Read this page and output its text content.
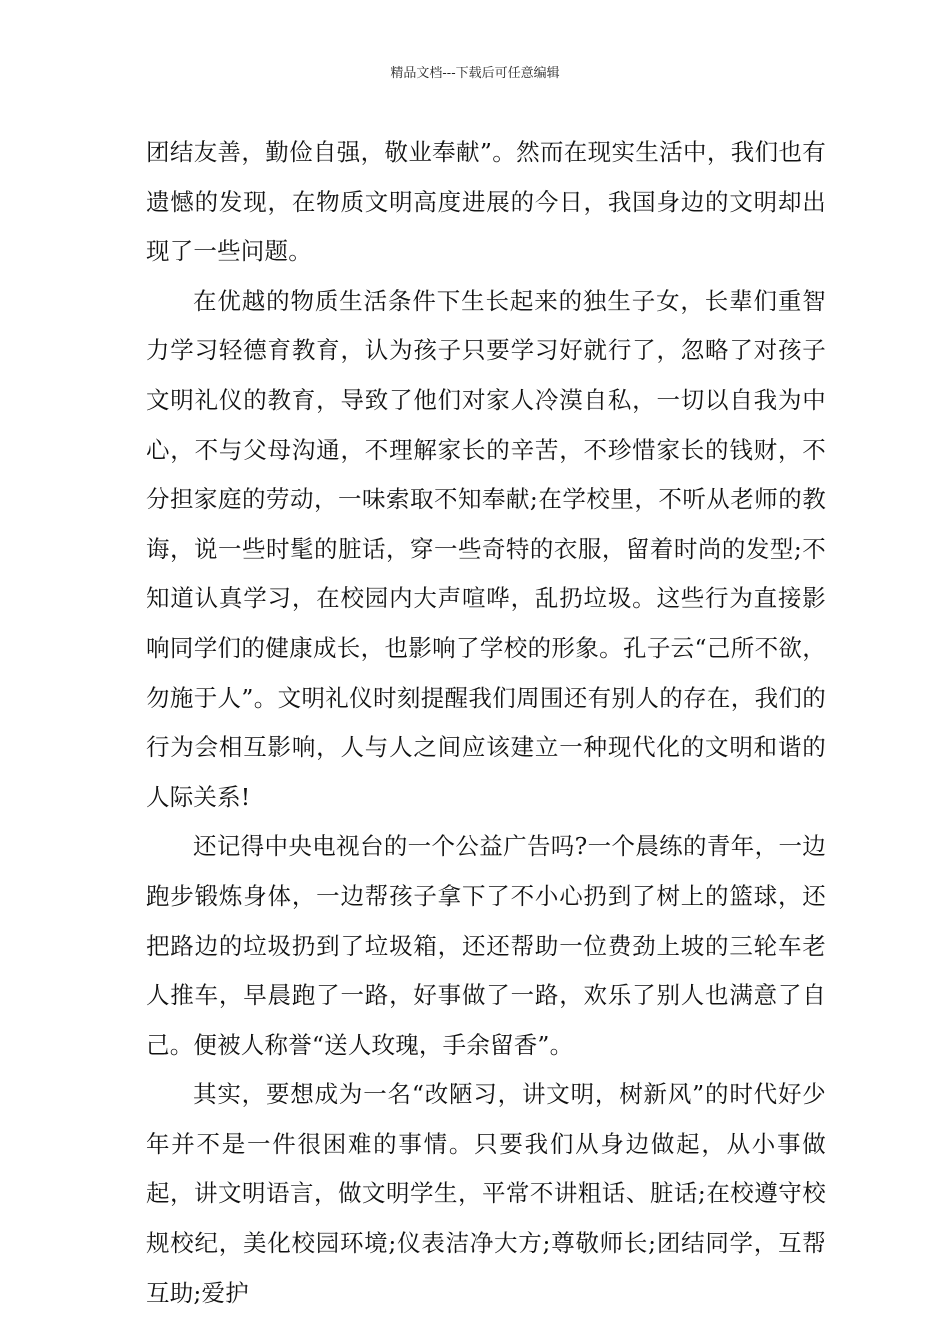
精品文档---下载后可任意编辑

团结友善，勤俭自强，敬业奉献”。然而在现实生活中，我们也有遗憾的发现，在物质文明高度进展的今日，我国身边的文明却出现了一些问题。

在优越的物质生活条件下生长起来的独生子女，长辈们重智力学习轻德育教育，认为孩子只要学习好就行了，忽略了对孩子文明礼仪的教育，导致了他们对家人冷漠自私，一切以自我为中心，不与父母沟通，不理解家长的辛苦，不珍惜家长的钱财，不分担家庭的劳动，一味索取不知奉献;在学校里，不听从老师的教诲，说一些时髦的脏话，穿一些奇特的衣服，留着时尚的发型;不知道认真学习，在校园内大声喧哗，乱扔垃圾。这些行为直接影响同学们的健康成长，也影响了学校的形象。孔子云“己所不欲，勿施于人”。文明礼仪时刻提醒我们周围还有别人的存在，我们的行为会相互影响，人与人之间应该建立一种现代化的文明和谐的人际关系!

还记得中央电视台的一个公益广告吗?一个晨练的青年，一边跑步锻炼身体，一边帮孩子拿下了不小心扔到了树上的篮球，还把路边的垃圾扔到了垃圾箱，还还帮助一位费劲上坡的三轮车老人推车，早晨跑了一路，好事做了一路，欢乐了别人也满意了自己。便被人称誉“送人玫瑰，手余留香”。

其实，要想成为一名“改陋习，讲文明，树新风”的时代好少年并不是一件很困难的事情。只要我们从身边做起，从小事做起，讲文明语言，做文明学生，平常不讲粗话、脏话;在校遵守校规校纪，美化校园环境;仪表洁净大方;尊敬师长;团结同学，互帮互助;爱护
